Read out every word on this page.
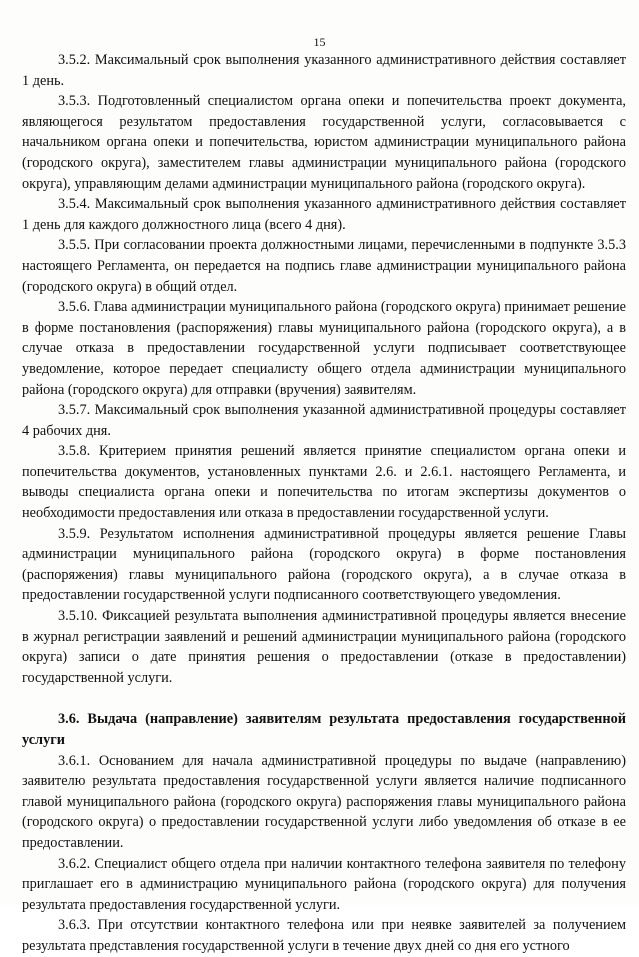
15

3.5.2. Максимальный срок выполнения указанного административного действия составляет 1 день.

3.5.3. Подготовленный специалистом органа опеки и попечительства проект документа, являющегося результатом предоставления государственной услуги, согласовывается с начальником органа опеки и попечительства, юристом администрации муниципального района (городского округа), заместителем главы администрации муниципального района (городского округа), управляющим делами администрации муниципального района (городского округа).

3.5.4. Максимальный срок выполнения указанного административного действия составляет 1 день для каждого должностного лица (всего 4 дня).

3.5.5. При согласовании проекта должностными лицами, перечисленными в подпункте 3.5.3 настоящего Регламента, он передается на подпись главе администрации муниципального района (городского округа) в общий отдел.

3.5.6. Глава администрации муниципального района (городского округа) принимает решение в форме постановления (распоряжения) главы муниципального района (городского округа), а в случае отказа в предоставлении государственной услуги подписывает соответствующее уведомление, которое передает специалисту общего отдела администрации муниципального района (городского округа) для отправки (вручения) заявителям.

3.5.7. Максимальный срок выполнения указанной административной процедуры составляет 4 рабочих дня.

3.5.8. Критерием принятия решений является принятие специалистом органа опеки и попечительства документов, установленных пунктами 2.6. и 2.6.1. настоящего Регламента, и выводы специалиста органа опеки и попечительства по итогам экспертизы документов о необходимости предоставления или отказа в предоставлении государственной услуги.

3.5.9. Результатом исполнения административной процедуры является решение Главы администрации муниципального района (городского округа) в форме постановления (распоряжения) главы муниципального района (городского округа), а в случае отказа в предоставлении государственной услуги подписанного соответствующего уведомления.

3.5.10. Фиксацией результата выполнения административной процедуры является внесение в журнал регистрации заявлений и решений администрации муниципального района (городского округа) записи о дате принятия решения о предоставлении (отказе в предоставлении) государственной услуги.

3.6. Выдача (направление) заявителям результата предоставления государственной услуги

3.6.1. Основанием для начала административной процедуры по выдаче (направлению) заявителю результата предоставления государственной услуги является наличие подписанного главой муниципального района (городского округа) распоряжения главы муниципального района (городского округа) о предоставлении государственной услуги либо уведомления об отказе в ее предоставлении.

3.6.2. Специалист общего отдела при наличии контактного телефона заявителя по телефону приглашает его в администрацию муниципального района (городского округа) для получения результата предоставления государственной услуги.

3.6.3. При отсутствии контактного телефона или при неявке заявителей за получением результата представления государственной услуги в течение двух дней со дня его устного
